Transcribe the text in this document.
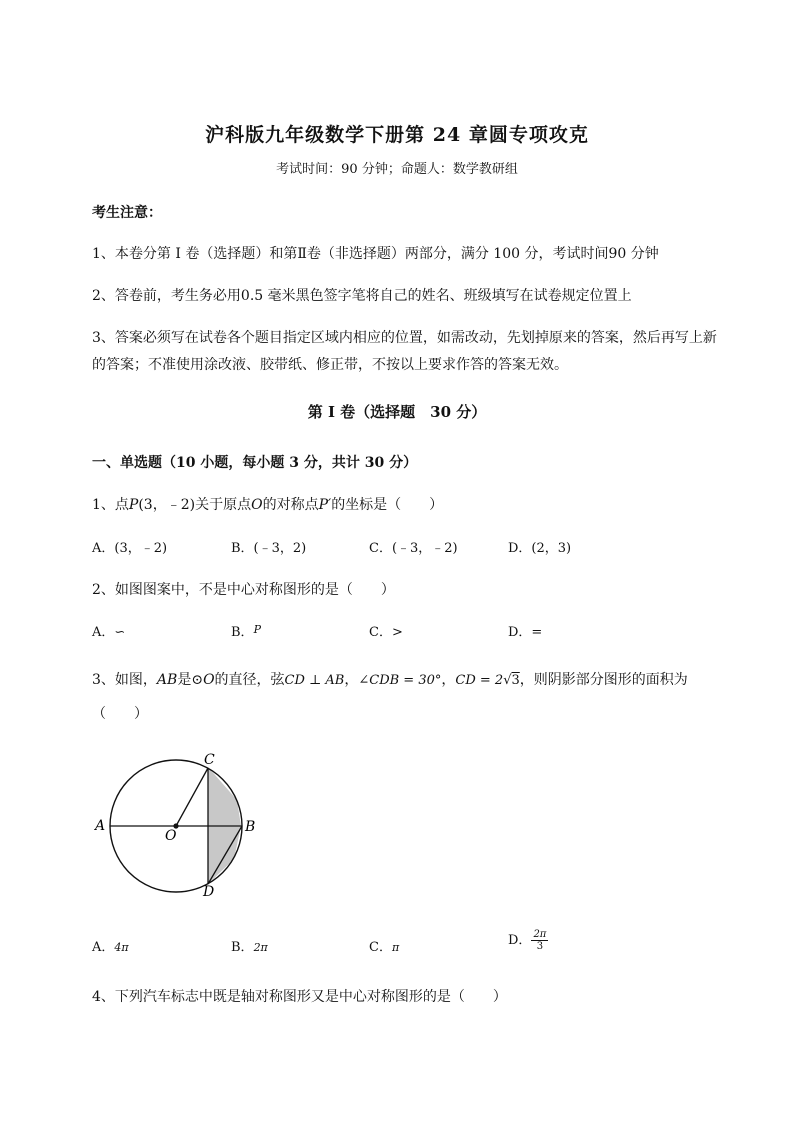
沪科版九年级数学下册第 24 章圆专项攻克
考试时间：90 分钟；命题人：数学教研组
考生注意：
1、本卷分第 I 卷（选择题）和第Ⅱ卷（非选择题）两部分，满分 100 分，考试时间90 分钟
2、答卷前，考生务必用0.5 毫米黑色签字笔将自己的姓名、班级填写在试卷规定位置上
3、答案必须写在试卷各个题目指定区域内相应的位置，如需改动，先划掉原来的答案，然后再写上新
的答案；不准使用涂改液、胶带纸、修正带，不按以上要求作答的答案无效。
第 I 卷（选择题　30 分）
一、单选题（10 小题，每小题 3 分，共计 30 分）
1、点P(3，﹣2)关于原点O的对称点P′的坐标是（　　）
A．(3，﹣2)	B．(﹣3，2)	C．(﹣3，﹣2)	D．(2，3)
2、如图图案中，不是中心对称图形的是（　　）
A．∽	B．$^P$	C．>	D．=
3、如图，AB是⊙O的直径，弦CD ⊥ AB，∠CDB = 30°，CD = 2√3，则阴影部分图形的面积为
（　　）
A
O
B
C
D
A．4π	B．2π	C．π	D． $\frac{2\pi}{3}$
4、下列汽车标志中既是轴对称图形又是中心对称图形的是（　　）
